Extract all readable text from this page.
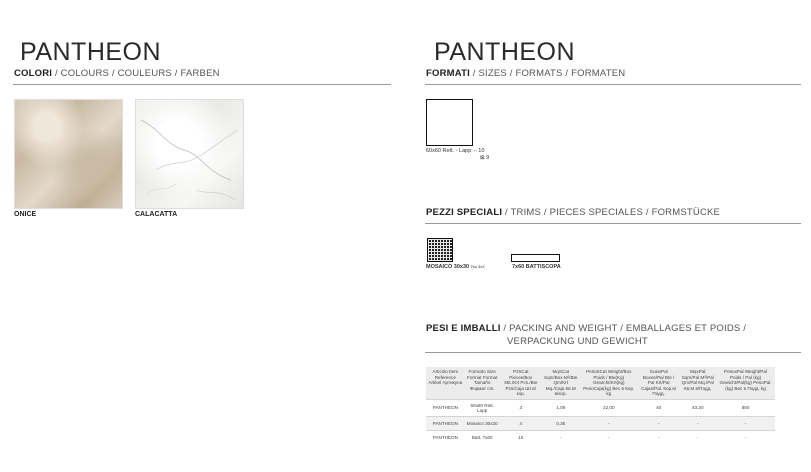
PANTHEON
COLORI / COLOURS / COULEURS / FARBEN
ONICE	CALACATTA
PANTHEON
FORMATI / SIZES / FORMATS / FORMATEN
60x60 Rett. - Lapp ⇔10
⊠ 9
PEZZI SPECIALI / TRIMS / PIECES SPECIALES / FORMSTÜCKE
MOSAICO 30x30 Tes 3x3	7x60 BATTISCOPA
PESI E IMBALLI / PACKING AND WEIGHT / EMBALLAGES ET POIDS /
VERPACKUNG UND GEWICHT
Articolo Item Reference Artikel Артикула	Formato Size Format Format Tamaño Формат cm.	PzSCat Pieces/Box Stk./Krt Pcs./Bte Pzs/Caja Шт.в/кор.	MqSCat Sqm/Box M²/Bte Qm/Krt Mq./Caja Кв.М в/кор.	PesoSCat Weight/Box Poids / Bte(Kg) Gewicht/Krt(kg) PesoCaja(kg) Вес в Кор. kg	ScatxPal Boxes/Pal Bte / Pal Krt/Pal Cajas/Pal. Кор.в/Подд.	MqxPal Sqm/Pal M²/Pal Qm/Pal Mq./Pal Кв.М в/Подд.	PesoxPal Weight/Pal Poids / Pal (kg) Gewicht/Pal(kg) PesoPal.(kg) Вес в Подд. kg
PANTHEON	60x60 Rett. Lapp	3	1,08	22,00	40	43,20	880
PANTHEON	Mosaico 30x30	4	0,36	-	-	-	-
PANTHEON	Batt. 7x60	15	-	-	-	-	-
